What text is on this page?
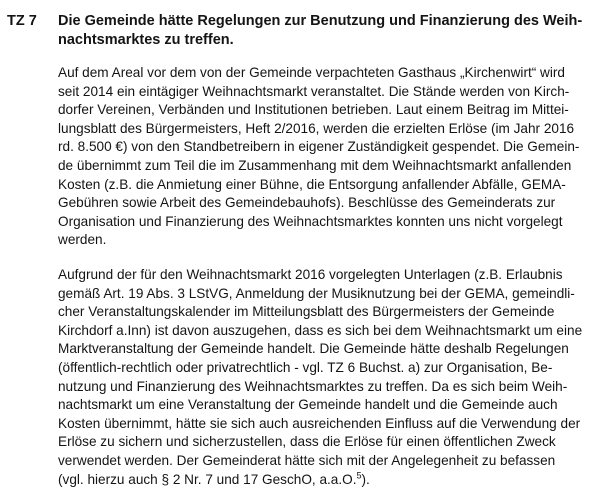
TZ 7 Die Gemeinde hätte Regelungen zur Benutzung und Finanzierung des Weih-
nachtsmarktes zu treffen.
Auf dem Areal vor dem von der Gemeinde verpachteten Gasthaus „Kirchenwirt“ wird
seit 2014 ein eintägiger Weihnachtsmarkt veranstaltet. Die Stände werden von Kirch-
dorfer Vereinen, Verbänden und Institutionen betrieben. Laut einem Beitrag im Mittei-
lungsblatt des Bürgermeisters, Heft 2/2016, werden die erzielten Erlöse (im Jahr 2016
rd. 8.500 €) von den Standbetreibern in eigener Zuständigkeit gespendet. Die Gemein-
de übernimmt zum Teil die im Zusammenhang mit dem Weihnachtsmarkt anfallenden
Kosten (z.B. die Anmietung einer Bühne, die Entsorgung anfallender Abfälle, GEMA-
Gebühren sowie Arbeit des Gemeindebauhofs). Beschlüsse des Gemeinderats zur
Organisation und Finanzierung des Weihnachtsmarktes konnten uns nicht vorgelegt
werden.
Aufgrund der für den Weihnachtsmarkt 2016 vorgelegten Unterlagen (z.B. Erlaubnis
gemäß Art. 19 Abs. 3 LStVG, Anmeldung der Musiknutzung bei der GEMA, gemeindli-
cher Veranstaltungskalender im Mitteilungsblatt des Bürgermeisters der Gemeinde
Kirchdorf a.Inn) ist davon auszugehen, dass es sich bei dem Weihnachtsmarkt um eine
Marktveranstaltung der Gemeinde handelt. Die Gemeinde hätte deshalb Regelungen
(öffentlich-rechtlich oder privatrechtlich - vgl. TZ 6 Buchst. a) zur Organisation, Be-
nutzung und Finanzierung des Weihnachtsmarktes zu treffen. Da es sich beim Weih-
nachtsmarkt um eine Veranstaltung der Gemeinde handelt und die Gemeinde auch
Kosten übernimmt, hätte sie sich auch ausreichenden Einfluss auf die Verwendung der
Erlöse zu sichern und sicherzustellen, dass die Erlöse für einen öffentlichen Zweck
verwendet werden. Der Gemeinderat hätte sich mit der Angelegenheit zu befassen
(vgl. hierzu auch § 2 Nr. 7 und 17 GeschO, a.a.O.$^5$).
